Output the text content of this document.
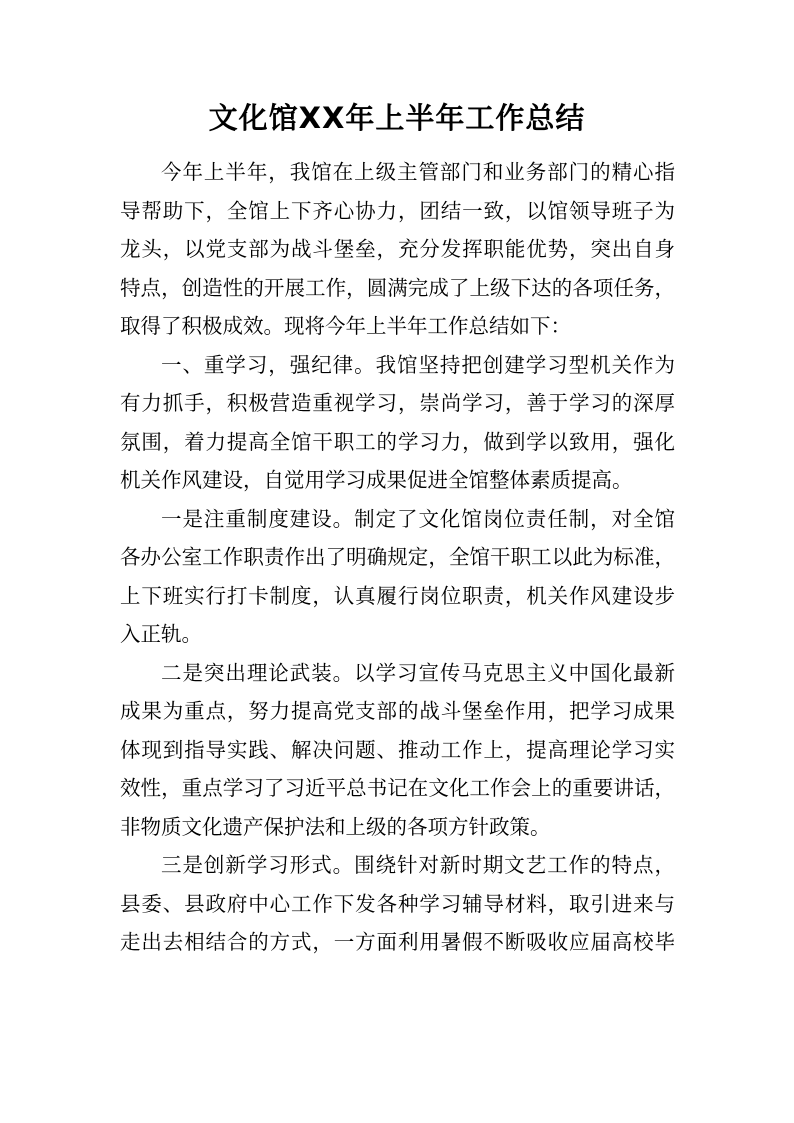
文化馆XX年上半年工作总结
今年上半年，我馆在上级主管部门和业务部门的精心指
导帮助下，全馆上下齐心协力，团结一致，以馆领导班子为
龙头，以党支部为战斗堡垒，充分发挥职能优势，突出自身
特点，创造性的开展工作，圆满完成了上级下达的各项任务，
取得了积极成效。现将今年上半年工作总结如下：
一、重学习，强纪律。我馆坚持把创建学习型机关作为
有力抓手，积极营造重视学习，崇尚学习，善于学习的深厚
氛围，着力提高全馆干职工的学习力，做到学以致用，强化
机关作风建设，自觉用学习成果促进全馆整体素质提高。
一是注重制度建设。制定了文化馆岗位责任制，对全馆
各办公室工作职责作出了明确规定，全馆干职工以此为标准，
上下班实行打卡制度，认真履行岗位职责，机关作风建设步
入正轨。
二是突出理论武装。以学习宣传马克思主义中国化最新
成果为重点，努力提高党支部的战斗堡垒作用，把学习成果
体现到指导实践、解决问题、推动工作上，提高理论学习实
效性，重点学习了习近平总书记在文化工作会上的重要讲话，
非物质文化遗产保护法和上级的各项方针政策。
三是创新学习形式。围绕针对新时期文艺工作的特点，
县委、县政府中心工作下发各种学习辅导材料，取引进来与
走出去相结合的方式，一方面利用暑假不断吸收应届高校毕
